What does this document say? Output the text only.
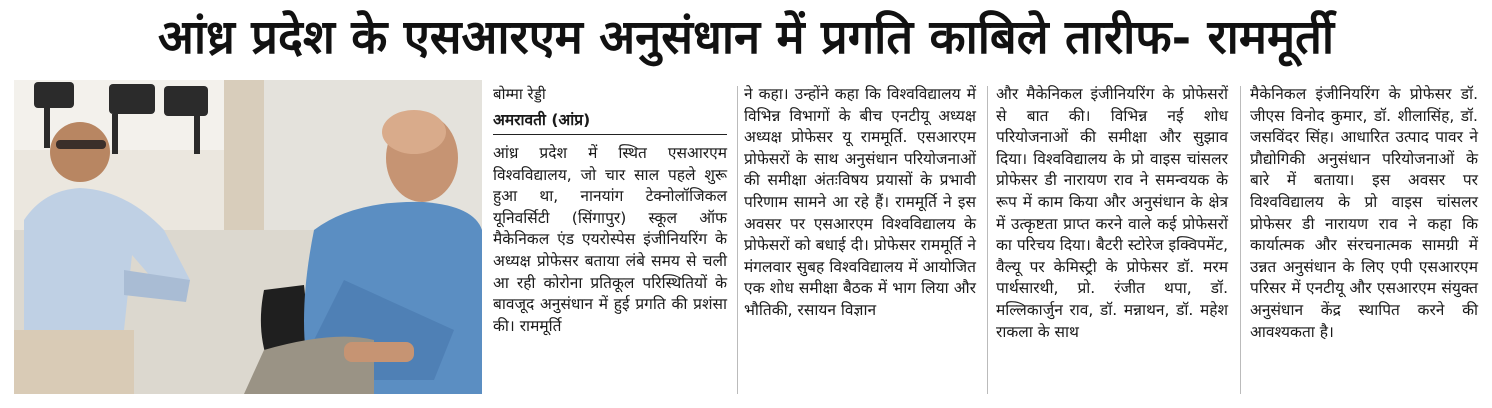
आंध्र प्रदेश के एसआरएम अनुसंधान में प्रगति काबिले तारीफ- राममूर्ती
बोम्मा रेड्डी
अमरावती (आंप्र)

आंध्र प्रदेश में स्थित एसआरएम विश्वविद्यालय, जो चार साल पहले शुरू हुआ था, नानयांग टेक्नोलॉजिकल यूनिवर्सिटी (सिंगापुर) स्कूल ऑफ मैकेनिकल एंड एयरोस्पेस इंजीनियरिंग के अध्यक्ष प्रोफेसर बताया लंबे समय से चली आ रही कोरोना प्रतिकूल परिस्थितियों के बावजूद अनुसंधान में हुई प्रगति की प्रशंसा की। राममूर्ति

ने कहा। उन्होंने कहा कि विश्वविद्यालय में विभिन्न विभागों के बीच एनटीयू अध्यक्ष अध्यक्ष प्रोफेसर यू राममूर्ति. एसआरएम प्रोफेसरों के साथ अनुसंधान परियोजनाओं की समीक्षा अंतःविषय प्रयासों के प्रभावी परिणाम सामने आ रहे हैं। राममूर्ति ने इस अवसर पर एसआरएम विश्वविद्यालय के प्रोफेसरों को बधाई दी। प्रोफेसर राममूर्ति ने मंगलवार सुबह विश्वविद्यालय में आयोजित एक शोध समीक्षा बैठक में भाग लिया और भौतिकी, रसायन विज्ञान

और मैकेनिकल इंजीनियरिंग के प्रोफेसरों से बात की। विभिन्न नई शोध परियोजनाओं की समीक्षा और सुझाव दिया। विश्वविद्यालय के प्रो वाइस चांसलर प्रोफेसर डी नारायण राव ने समन्वयक के रूप में काम किया और अनुसंधान के क्षेत्र में उत्कृष्टता प्राप्त करने वाले कई प्रोफेसरों का परिचय दिया। बैटरी स्टोरेज इक्विपमेंट, वैल्यू पर केमिस्ट्री के प्रोफेसर डॉ. मरम पार्थसारथी, प्रो. रंजीत थपा, डॉ. मल्लिकार्जुन राव, डॉ. मन्नाथन, डॉ. महेश राकला के साथ

मैकेनिकल इंजीनियरिंग के प्रोफेसर डॉ. जीएस विनोद कुमार, डॉ. शीलासिंह, डॉ. जसविंदर सिंह। आधारित उत्पाद पावर ने प्रौद्योगिकी अनुसंधान परियोजनाओं के बारे में बताया। इस अवसर पर विश्वविद्यालय के प्रो वाइस चांसलर प्रोफेसर डी नारायण राव ने कहा कि कार्यात्मक और संरचनात्मक सामग्री में उन्नत अनुसंधान के लिए एपी एसआरएम परिसर में एनटीयू और एसआरएम संयुक्त अनुसंधान केंद्र स्थापित करने की आवश्यकता है।
